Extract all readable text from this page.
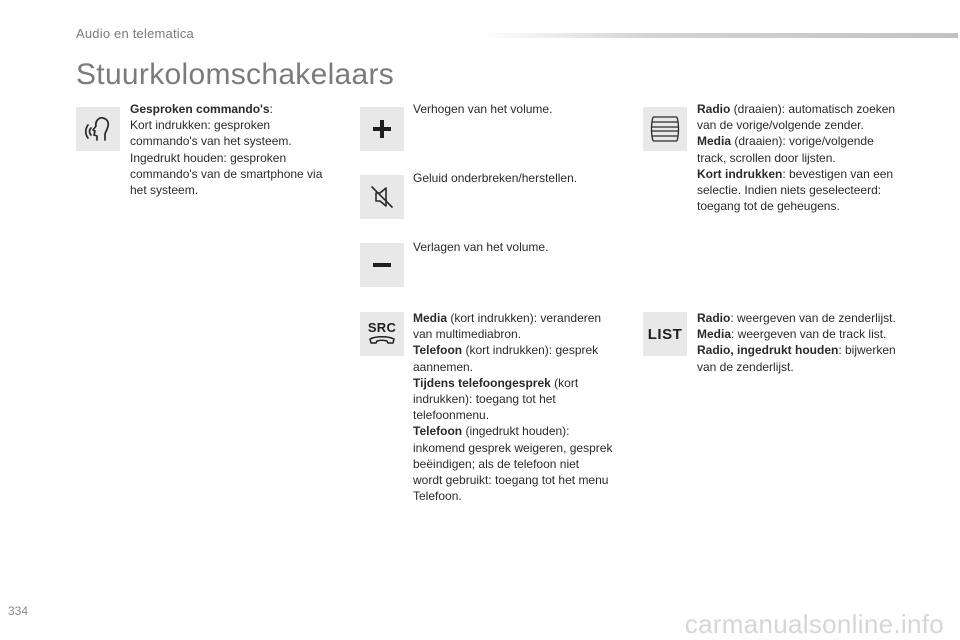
Audio en telematica
Stuurkolomschakelaars
Gesproken commando's:
Kort indrukken: gesproken
commando's van het systeem.
Ingedrukt houden: gesproken
commando's van de smartphone via
het systeem.
Verhogen van het volume.
Geluid onderbreken/herstellen.
Verlagen van het volume.
SRC
Media (kort indrukken): veranderen
van multimediabron.
Telefoon (kort indrukken): gesprek
aannemen.
Tijdens telefoongesprek (kort
indrukken): toegang tot het
telefoonmenu.
Telefoon (ingedrukt houden):
inkomend gesprek weigeren, gesprek
beëindigen; als de telefoon niet
wordt gebruikt: toegang tot het menu
Telefoon.
Radio (draaien): automatisch zoeken
van de vorige/volgende zender.
Media (draaien): vorige/volgende
track, scrollen door lijsten.
Kort indrukken: bevestigen van een
selectie. Indien niets geselecteerd:
toegang tot de geheugens.
LIST
Radio: weergeven van de zenderlijst.
Media: weergeven van de track list.
Radio, ingedrukt houden: bijwerken
van de zenderlijst.
334	carmanualsonline.info
